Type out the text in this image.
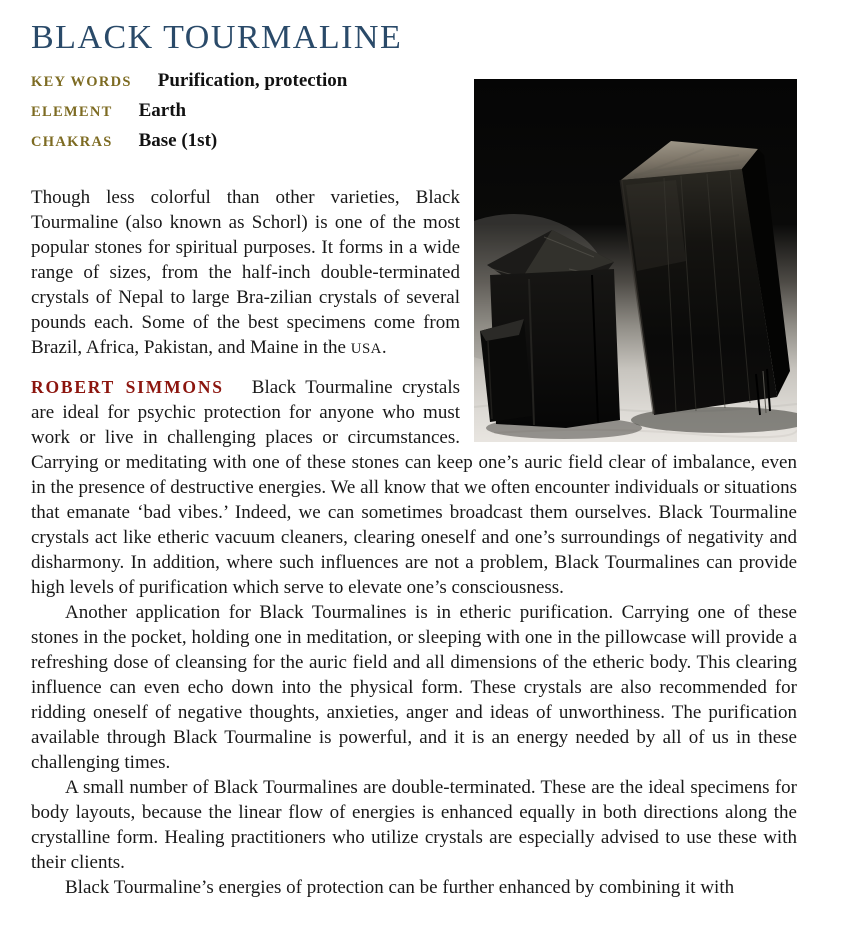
BLACK TOURMALINE
KEY WORDS Purification, protection
ELEMENT Earth
CHAKRAS Base (1st)

Though less colorful than other varieties, Black Tourmaline (also known as Schorl) is one of the most popular stones for spiritual purposes. It forms in a wide range of sizes, from the half-inch double-terminated crystals of Nepal to large Bra-zilian crystals of several pounds each. Some of the best specimens come from Brazil, Africa, Pakistan, and Maine in the USA.

ROBERT SIMMONS Black Tourmaline crystals are ideal for psychic protection for anyone who must work or live in challenging places or circumstances. Carrying or meditating with one of these stones can keep one’s auric field clear of imbalance, even in the presence of destructive energies. We all know that we often encounter individuals or situations that emanate ‘bad vibes.’ Indeed, we can sometimes broadcast them ourselves. Black Tourmaline crystals act like etheric vacuum cleaners, clearing oneself and one’s surroundings of negativity and disharmony. In addition, where such influences are not a problem, Black Tourmalines can provide high levels of purification which serve to elevate one’s consciousness.

Another application for Black Tourmalines is in etheric purification. Carrying one of these stones in the pocket, holding one in meditation, or sleeping with one in the pillowcase will provide a refreshing dose of cleansing for the auric field and all dimensions of the etheric body. This clearing influence can even echo down into the physical form. These crystals are also recommended for ridding oneself of negative thoughts, anxieties, anger and ideas of unworthiness. The purification available through Black Tourmaline is powerful, and it is an energy needed by all of us in these challenging times.

A small number of Black Tourmalines are double-terminated. These are the ideal specimens for body layouts, because the linear flow of energies is enhanced equally in both directions along the crystalline form. Healing practitioners who utilize crystals are especially advised to use these with their clients.

Black Tourmaline’s energies of protection can be further enhanced by combining it with
